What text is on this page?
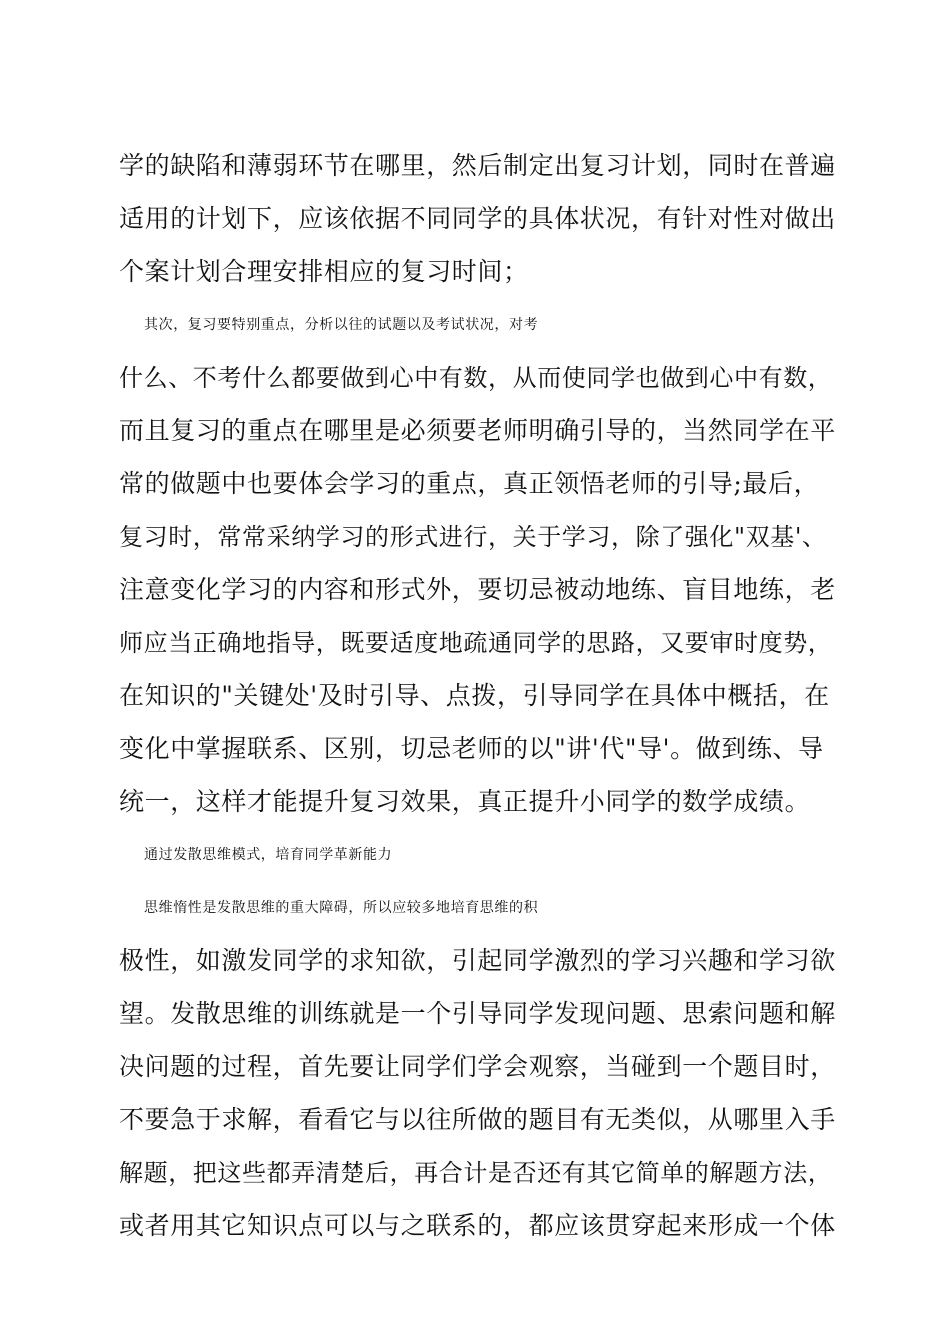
学的缺陷和薄弱环节在哪里，然后制定出复习计划，同时在普遍
适用的计划下，应该依据不同同学的具体状况，有针对性对做出
个案计划合理安排相应的复习时间；
其次，复习要特别重点，分析以往的试题以及考试状况，对考
什么、不考什么都要做到心中有数，从而使同学也做到心中有数，
而且复习的重点在哪里是必须要老师明确引导的，当然同学在平
常的做题中也要体会学习的重点，真正领悟老师的引导;最后，
复习时，常常采纳学习的形式进行，关于学习，除了强化"双基'、
注意变化学习的内容和形式外，要切忌被动地练、盲目地练，老
师应当正确地指导，既要适度地疏通同学的思路，又要审时度势，
在知识的"关键处'及时引导、点拨，引导同学在具体中概括，在
变化中掌握联系、区别，切忌老师的以"讲'代"导'。做到练、导
统一，这样才能提升复习效果，真正提升小同学的数学成绩。
通过发散思维模式，培育同学革新能力
思维惰性是发散思维的重大障碍，所以应较多地培育思维的积
极性，如激发同学的求知欲，引起同学激烈的学习兴趣和学习欲
望。发散思维的训练就是一个引导同学发现问题、思索问题和解
决问题的过程，首先要让同学们学会观察，当碰到一个题目时，
不要急于求解，看看它与以往所做的题目有无类似，从哪里入手
解题，把这些都弄清楚后，再合计是否还有其它简单的解题方法，
或者用其它知识点可以与之联系的，都应该贯穿起来形成一个体
